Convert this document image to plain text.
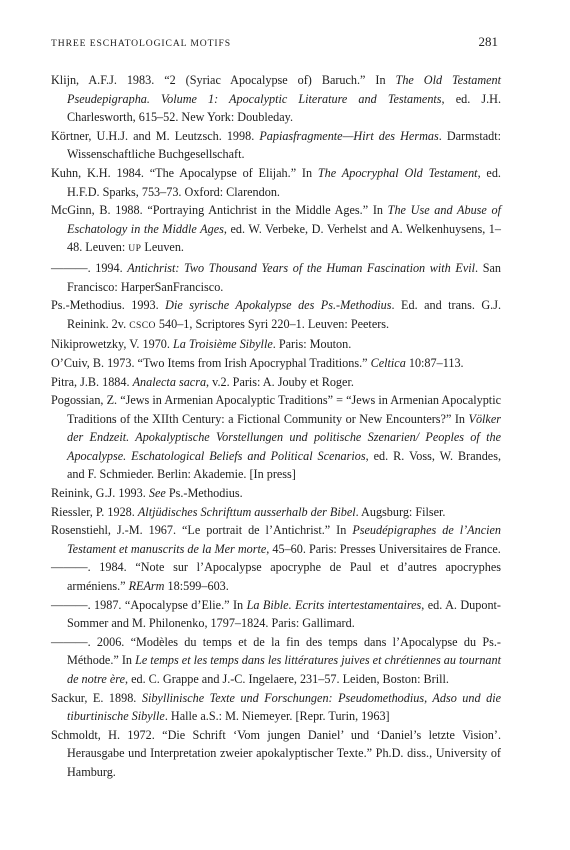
THREE ESCHATOLOGICAL MOTIFS	281
Klijn, A.F.J. 1983. “2 (Syriac Apocalypse of) Baruch.” In The Old Testament Pseudepigrapha. Volume 1: Apocalyptic Literature and Testaments, ed. J.H. Charlesworth, 615–52. New York: Doubleday.
Körtner, U.H.J. and M. Leutzsch. 1998. Papiasfragmente—Hirt des Hermas. Darmstadt: Wissenschaftliche Buchgesellschaft.
Kuhn, K.H. 1984. “The Apocalypse of Elijah.” In The Apocryphal Old Testament, ed. H.F.D. Sparks, 753–73. Oxford: Clarendon.
McGinn, B. 1988. “Portraying Antichrist in the Middle Ages.” In The Use and Abuse of Eschatology in the Middle Ages, ed. W. Verbeke, D. Verhelst and A. Welkenhuysens, 1–48. Leuven: UP Leuven.
———. 1994. Antichrist: Two Thousand Years of the Human Fascination with Evil. San Francisco: HarperSanFrancisco.
Ps.-Methodius. 1993. Die syrische Apokalypse des Ps.-Methodius. Ed. and trans. G.J. Reinink. 2v. CSCO 540–1, Scriptores Syri 220–1. Leuven: Peeters.
Nikiprowetzky, V. 1970. La Troisième Sibylle. Paris: Mouton.
O’Cuiv, B. 1973. “Two Items from Irish Apocryphal Traditions.” Celtica 10:87–113.
Pitra, J.B. 1884. Analecta sacra, v.2. Paris: A. Jouby et Roger.
Pogossian, Z. “Jews in Armenian Apocalyptic Traditions” = “Jews in Armenian Apocalyptic Traditions of the XIIth Century: a Fictional Community or New Encounters?” In Völker der Endzeit. Apokalyptische Vorstellungen und politische Szenarien/ Peoples of the Apocalypse. Eschatological Beliefs and Political Scenarios, ed. R. Voss, W. Brandes, and F. Schmieder. Berlin: Akademie. [In press]
Reinink, G.J. 1993. See Ps.-Methodius.
Riessler, P. 1928. Altjüdisches Schrifttum ausserhalb der Bibel. Augsburg: Filser.
Rosenstiehl, J.-M. 1967. “Le portrait de l’Antichrist.” In Pseudépigraphes de l’Ancien Testament et manuscrits de la Mer morte, 45–60. Paris: Presses Universitaires de France.
———. 1984. “Note sur l’Apocalypse apocryphe de Paul et d’autres apocryphes arméniens.” REArm 18:599–603.
———. 1987. “Apocalypse d’Elie.” In La Bible. Ecrits intertestamentaires, ed. A. Dupont-Sommer and M. Philonenko, 1797–1824. Paris: Gallimard.
———. 2006. “Modèles du temps et de la fin des temps dans l’Apocalypse du Ps.-Méthode.” In Le temps et les temps dans les littératures juives et chrétiennes au tournant de notre ère, ed. C. Grappe and J.-C. Ingelaere, 231–57. Leiden, Boston: Brill.
Sackur, E. 1898. Sibyllinische Texte und Forschungen: Pseudomethodius, Adso und die tiburtinische Sibylle. Halle a.S.: M. Niemeyer. [Repr. Turin, 1963]
Schmoldt, H. 1972. “Die Schrift ‘Vom jungen Daniel’ und ‘Daniel’s letzte Vision’. Herausgabe und Interpretation zweier apokalyptischer Texte.” Ph.D. diss., University of Hamburg.
